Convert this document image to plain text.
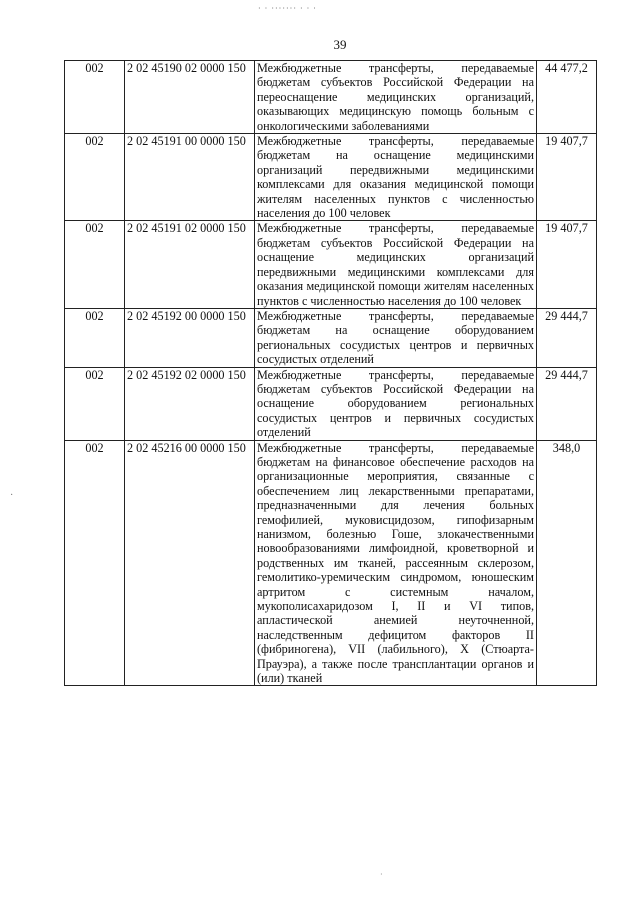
· · ······· · · ·
39
002	2 02 45190 02 0000 150	Межбюджетные трансферты, передаваемые бюджетам субъектов Российской Федерации на переоснащение медицинских организаций, оказывающих медицинскую помощь больным с онкологическими заболеваниями	44 477,2
002	2 02 45191 00 0000 150	Межбюджетные трансферты, передаваемые бюджетам на оснащение медицинскими организаций передвижными медицинскими комплексами для оказания медицинской помощи жителям населенных пунктов с численностью населения до 100 человек	19 407,7
002	2 02 45191 02 0000 150	Межбюджетные трансферты, передаваемые бюджетам субъектов Российской Федерации на оснащение медицинских организаций передвижными медицинскими комплексами для оказания медицинской помощи жителям населенных пунктов с численностью населения до 100 человек	19 407,7
002	2 02 45192 00 0000 150	Межбюджетные трансферты, передаваемые бюджетам на оснащение оборудованием региональных сосудистых центров и первичных сосудистых отделений	29 444,7
002	2 02 45192 02 0000 150	Межбюджетные трансферты, передаваемые бюджетам субъектов Российской Федерации на оснащение оборудованием региональных сосудистых центров и первичных сосудистых отделений	29 444,7
002	2 02 45216 00 0000 150	Межбюджетные трансферты, передаваемые бюджетам на финансовое обеспечение расходов на организационные мероприятия, связанные с обеспечением лиц лекарственными препаратами, предназначенными для лечения больных гемофилией, муковисцидозом, гипофизарным нанизмом, болезнью Гоше, злокачественными новообразованиями лимфоидной, кроветворной и родственных им тканей, рассеянным склерозом, гемолитико-уремическим синдромом, юношеским артритом с системным началом, мукополисахаридозом I, II и VI типов, апластической анемией неуточненной, наследственным дефицитом факторов II (фибриногена), VII (лабильного), X (Стюарта-Прауэра), а также после трансплантации органов и (или) тканей	348,0
·
·
